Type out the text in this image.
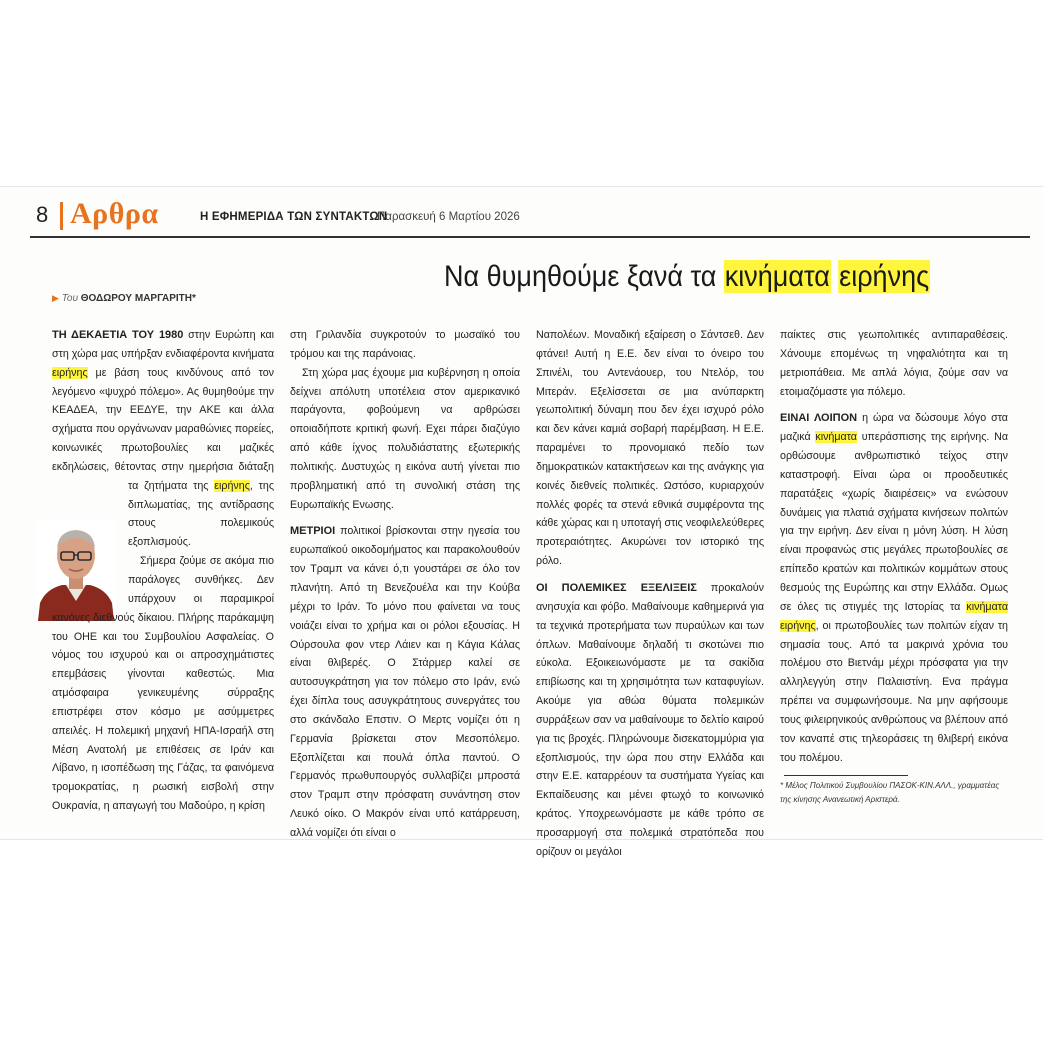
8 Αρθρα	Η ΕΦΗΜΕΡΙΔΑ ΤΩΝ ΣΥΝΤΑΚΤΩΝ
Παρασκευή 6 Μαρτίου 2026
▶ Του ΘΟΔΩΡΟΥ ΜΑΡΓΑΡΙΤΗ*
Να θυμηθούμε ξανά τα κινήματα ειρήνης

ΤΗ ΔΕΚΑΕΤΙΑ ΤΟΥ 1980 στην Ευρώπη και στη χώρα μας υπήρξαν ενδιαφέροντα κινήματα ειρήνης με βάση τους κινδύνους από τον λεγόμενο «ψυχρό πόλεμο». Ας θυμηθούμε την ΚΕΑΔΕΑ, την ΕΕΔΥΕ, την ΑΚΕ και άλλα σχήματα που οργάνωναν μαραθώνιες πορείες, κοινωνικές πρωτοβουλίες και μαζικές εκδηλώσεις, θέτοντας στην ημερήσια διάταξη τα ζητήματα της
ειρήνης, της διπλωματίας, της αντίδρασης στους πολεμικούς εξοπλισμούς.

Σήμερα ζούμε σε ακόμα πιο παράλογες συνθήκες. Δεν υπάρχουν οι παραμικροί κανόνες διεθνούς δίκαιου. Πλήρης παράκαμψη του ΟΗΕ και του Συμβουλίου Ασφαλείας. Ο νόμος του ισχυρού και οι απροσχημάτιστες επεμβάσεις γίνονται καθεστώς. Μια ατμόσφαιρα γενικευμένης σύρραξης επιστρέφει στον κόσμο με ασύμμετρες απειλές. Η πολεμική μηχανή ΗΠΑ-Ισραήλ στη Μέση Ανατολή με επιθέσεις σε Ιράν και Λίβανο, η ισοπέδωση της Γάζας, τα φαινόμενα τρομοκρατίας, η ρωσική εισβολή στην Ουκρανία, η απαγωγή του Μαδούρο, η κρίση

στη Γριλανδία συγκροτούν το μωσαϊκό του τρόμου και της παράνοιας.

Στη χώρα μας έχουμε μια κυβέρνηση η οποία δείχνει απόλυτη υποτέλεια στον αμερικανικό παράγοντα, φοβούμενη να αρθρώσει οποιαδήποτε κριτική φωνή. Εχει πάρει διαζύγιο από κάθε ίχνος πολυδιάστατης εξωτερικής πολιτικής. Δυστυχώς η εικόνα αυτή γίνεται πιο προβληματική από τη συνολική στάση της Ευρωπαϊκής Ενωσης.

ΜΕΤΡΙΟΙ πολιτικοί βρίσκονται στην ηγεσία του ευρωπαϊκού οικοδομήματος και παρακολουθούν τον Τραμπ να κάνει ό,τι γουστάρει σε όλο τον πλανήτη. Από τη Βενεζουέλα και την Κούβα μέχρι το Ιράν. Το μόνο που φαίνεται να τους νοιάζει είναι το χρήμα και οι ρόλοι εξουσίας. Η Ούρσουλα φον ντερ Λάιεν και η Κάγια Κάλας είναι θλιβερές. Ο Στάρμερ καλεί σε αυτοσυγκράτηση για τον πόλεμο στο Ιράν, ενώ έχει δίπλα τους ασυγκράτητους συνεργάτες του στο σκάνδαλο Επστιν. Ο Μερτς νομίζει ότι η Γερμανία βρίσκεται στον Μεσοπόλεμο. Εξοπλίζεται και πουλά όπλα παντού. Ο Γερμανός πρωθυπουργός συλλαβίζει μπροστά στον Τραμπ στην πρόσφατη συνάντηση στον Λευκό οίκο. Ο Μακρόν είναι υπό κατάρρευση, αλλά νομίζει ότι είναι ο

Ναπολέων. Μοναδική εξαίρεση ο Σάντσεθ. Δεν φτάνει! Αυτή η Ε.Ε. δεν είναι το όνειρο του Σπινέλι, του Αντενάουερ, του Ντελόρ, του Μιτεράν. Εξελίσσεται σε μια ανύπαρκτη γεωπολιτική δύναμη που δεν έχει ισχυρό ρόλο και δεν κάνει καμιά σοβαρή παρέμβαση. Η Ε.Ε. παραμένει το προνομιακό πεδίο των δημοκρατικών κατακτήσεων και της ανάγκης για κοινές διεθνείς πολιτικές. Ωστόσο, κυριαρχούν πολλές φορές τα στενά εθνικά συμφέροντα της κάθε χώρας και η υποταγή στις νεοφιλελεύθερες προτεραιότητες. Ακυρώνει τον ιστορικό της ρόλο.

ΟΙ ΠΟΛΕΜΙΚΕΣ ΕΞΕΛΙΞΕΙΣ προκαλούν ανησυχία και φόβο. Μαθαίνουμε καθημερινά για τα τεχνικά προτερήματα των πυραύλων και των όπλων. Μαθαίνουμε δηλαδή τι σκοτώνει πιο εύκολα. Εξοικειωνόμαστε με τα σακίδια επιβίωσης και τη χρησιμότητα των καταφυγίων. Ακούμε για αθώα θύματα πολεμικών συρράξεων σαν να μαθαίνουμε το δελτίο καιρού για τις βροχές. Πληρώνουμε δισεκατομμύρια για εξοπλισμούς, την ώρα που στην Ελλάδα και στην Ε.Ε. καταρρέουν τα συστήματα Υγείας και Εκπαίδευσης και μένει φτωχό το κοινωνικό κράτος. Υποχρεωνόμαστε με κάθε τρόπο σε προσαρμογή στα πολεμικά στρατόπεδα που ορίζουν οι μεγάλοι

παίκτες στις γεωπολιτικές αντιπαραθέσεις. Χάνουμε επομένως τη νηφαλιότητα και τη μετριοπάθεια. Με απλά λόγια, ζούμε σαν να ετοιμαζόμαστε για πόλεμο.

ΕΙΝΑΙ ΛΟΙΠΟΝ η ώρα να δώσουμε λόγο στα μαζικά κινήματα υπεράσπισης της ειρήνης. Να ορθώσουμε ανθρωπιστικό τείχος στην καταστροφή. Είναι ώρα οι προοδευτικές παρατάξεις «χωρίς διαιρέσεις» να ενώσουν δυνάμεις για πλατιά σχήματα κινήσεων πολιτών για την ειρήνη. Δεν είναι η μόνη λύση. Η λύση είναι προφανώς στις μεγάλες πρωτοβουλίες σε επίπεδο κρατών και πολιτικών κομμάτων στους θεσμούς της Ευρώπης και στην Ελλάδα. Ομως σε όλες τις στιγμές της Ιστορίας τα κινήματα ειρήνης, οι πρωτοβουλίες των πολιτών είχαν τη σημασία τους. Από τα μακρινά χρόνια του πολέμου στο Βιετνάμ μέχρι πρόσφατα για την αλληλεγγύη στην Παλαιστίνη. Ενα πράγμα πρέπει να συμφωνήσουμε. Να μην αφήσουμε τους φιλειρηνικούς ανθρώπους να βλέπουν από τον καναπέ στις τηλεοράσεις τη θλιβερή εικόνα του πολέμου.

* Μέλος Πολιτικού Συμβουλίου ΠΑΣΟΚ-ΚΙΝ.ΑΛΛ., γραμματέας της κίνησης Ανανεωτική Αριστερά.
